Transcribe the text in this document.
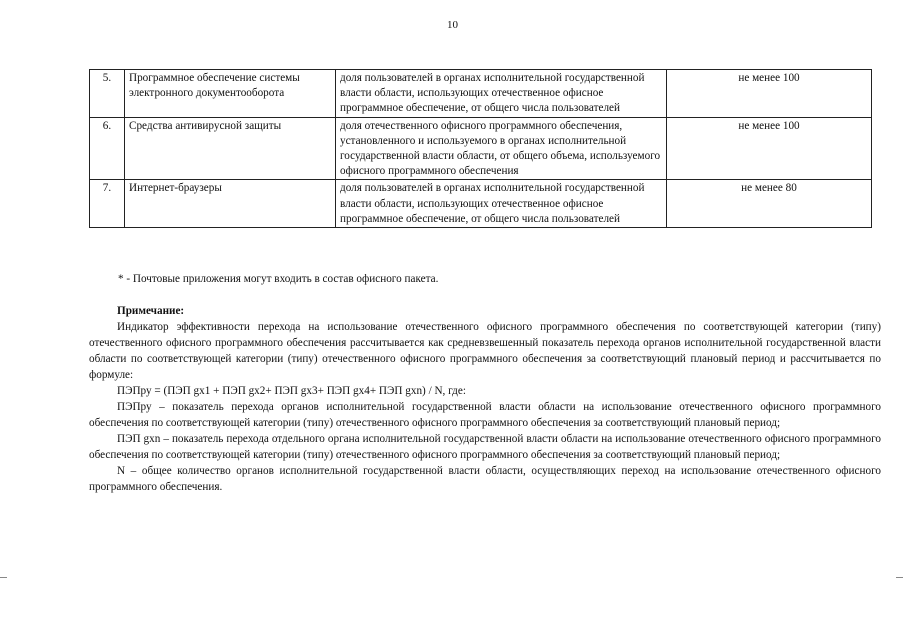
10
5.	Программное обеспечение системы электронного документооборота	доля пользователей в органах исполнительной государственной власти области, использующих отечественное офисное программное обеспечение, от общего числа пользователей	не менее 100
6.	Средства антивирусной защиты	доля отечественного офисного программного обеспечения, установленного и используемого в органах исполнительной государственной власти области, от общего объема, используемого офисного программного обеспечения	не менее 100
7.	Интернет-браузеры	доля пользователей в органах исполнительной государственной власти области, использующих отечественное офисное программное обеспечение, от общего числа пользователей	не менее 80
* - Почтовые приложения могут входить в состав офисного пакета.

Примечание:

Индикатор эффективности перехода на использование отечественного офисного программного обеспечения по соответствующей категории (типу) отечественного офисного программного обеспечения рассчитывается как средневзвешенный показатель перехода органов исполнительной государственной власти области по соответствующей категории (типу) отечественного офисного программного обеспечения за соответствующий плановый период и рассчитывается по формуле:

ПЭПру = (ПЭП gx1 + ПЭП gx2+ ПЭП gx3+ ПЭП gx4+ ПЭП gxn) / N, где:

ПЭПру – показатель перехода органов исполнительной государственной власти области на использование отечественного офисного программного обеспечения по соответствующей категории (типу) отечественного офисного программного обеспечения за соответствующий плановый период;

ПЭП gxn – показатель перехода отдельного органа исполнительной государственной власти области на использование отечественного офисного программного обеспечения по соответствующей категории (типу) отечественного офисного программного обеспечения за соответствующий плановый период;

N – общее количество органов исполнительной государственной власти области, осуществляющих переход на использование отечественного офисного программного обеспечения.
